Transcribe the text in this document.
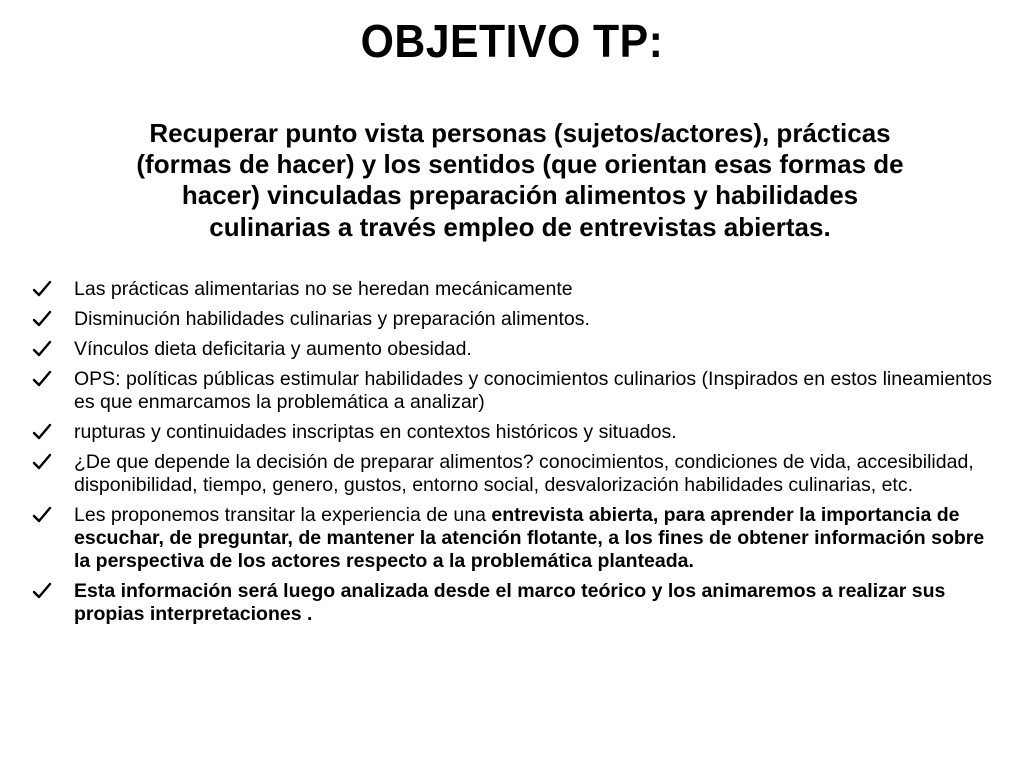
OBJETIVO TP:
Recuperar punto vista personas (sujetos/actores), prácticas
(formas de hacer) y los sentidos (que orientan esas formas de
hacer) vinculadas preparación alimentos y habilidades
culinarias a través empleo de entrevistas abiertas.
Las prácticas alimentarias no se heredan mecánicamente
Disminución habilidades culinarias y preparación alimentos.
Vínculos dieta deficitaria y aumento obesidad.
OPS: políticas públicas estimular habilidades y conocimientos culinarios (Inspirados en estos lineamientos es que enmarcamos la problemática a analizar)
rupturas y continuidades inscriptas en contextos históricos y situados.
¿De que depende la decisión de preparar alimentos? conocimientos, condiciones de vida, accesibilidad, disponibilidad, tiempo, genero, gustos, entorno social, desvalorización habilidades culinarias, etc.
Les proponemos transitar la experiencia de una entrevista abierta, para aprender la importancia de escuchar, de preguntar, de mantener la atención flotante, a los fines de obtener información sobre la perspectiva de los actores respecto a la problemática planteada.
Esta información será luego analizada desde el marco teórico y los animaremos a realizar sus propias interpretaciones .
